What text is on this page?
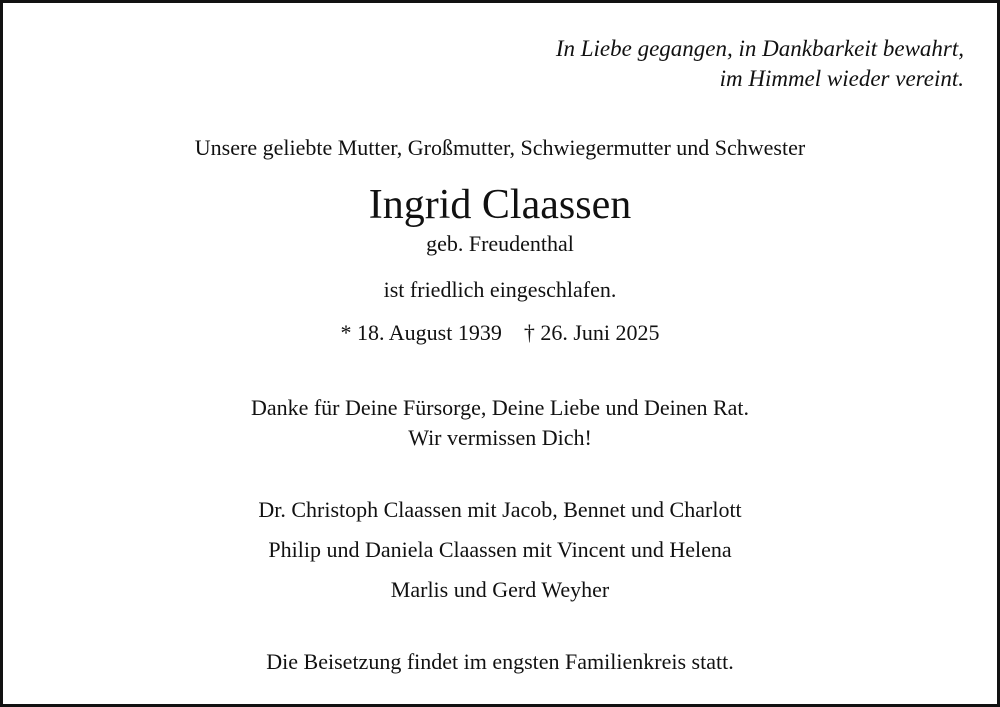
In Liebe gegangen, in Dankbarkeit bewahrt,
im Himmel wieder vereint.
Unsere geliebte Mutter, Großmutter, Schwiegermutter und Schwester
Ingrid Claassen
geb. Freudenthal
ist friedlich eingeschlafen.
* 18. August 1939 † 26. Juni 2025
Danke für Deine Fürsorge, Deine Liebe und Deinen Rat.
Wir vermissen Dich!
Dr. Christoph Claassen mit Jacob, Bennet und Charlott
Philip und Daniela Claassen mit Vincent und Helena
Marlis und Gerd Weyher
Die Beisetzung findet im engsten Familienkreis statt.
